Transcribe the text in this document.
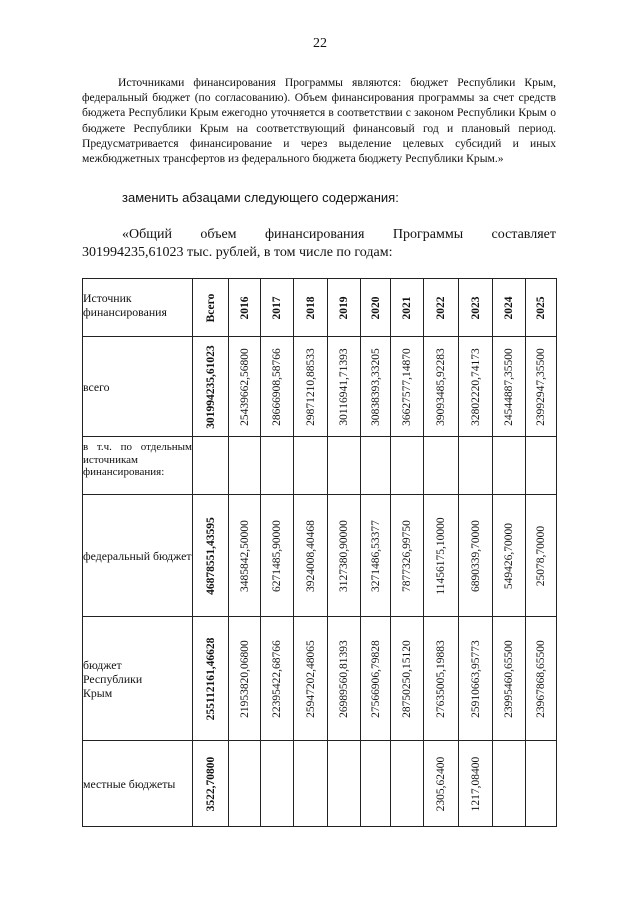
22

Источниками финансирования Программы являются: бюджет Республики Крым, федеральный бюджет (по согласованию). Объем финансирования программы за счет средств бюджета Республики Крым ежегодно уточняется в соответствии с законом Республики Крым о бюджете Республики Крым на соответствующий финансовый год и плановый период. Предусматривается финансирование и через выделение целевых субсидий и иных межбюджетных трансфертов из федерального бюджета бюджету Республики Крым.»

заменить абзацами следующего содержания:

«Общий объем финансирования Программы составляет 301994235,61023 тыс. рублей, в том числе по годам:

Источник финансирования	Всего	2016	2017	2018	2019	2020	2021	2022	2023	2024	2025

всего	301994235,61023	25439662,56800	28666908,58766	29871210,88533	30116941,71393	30838393,33205	36627577,14870	39093485,92283	32802220,74173	24544887,35500	23992947,35500

в т.ч. по отдельным источникам финансирования:											
федеральный бюджет	46878551,43595	3485842,50000	6271485,90000	3924008,40468	3127380,90000	3271486,53377	7877326,99750	11456175,10000	6890339,70000	549426,70000	25078,70000

бюджет Республики Крым	255112161,46628	21953820,06800	22395422,68766	25947202,48065	26989560,81393	27566906,79828	28750250,15120	27635005,19883	25910663,95773	23995460,65500	23967868,65500

местные бюджеты	3522,70800							2305,62400	1217,08400		
